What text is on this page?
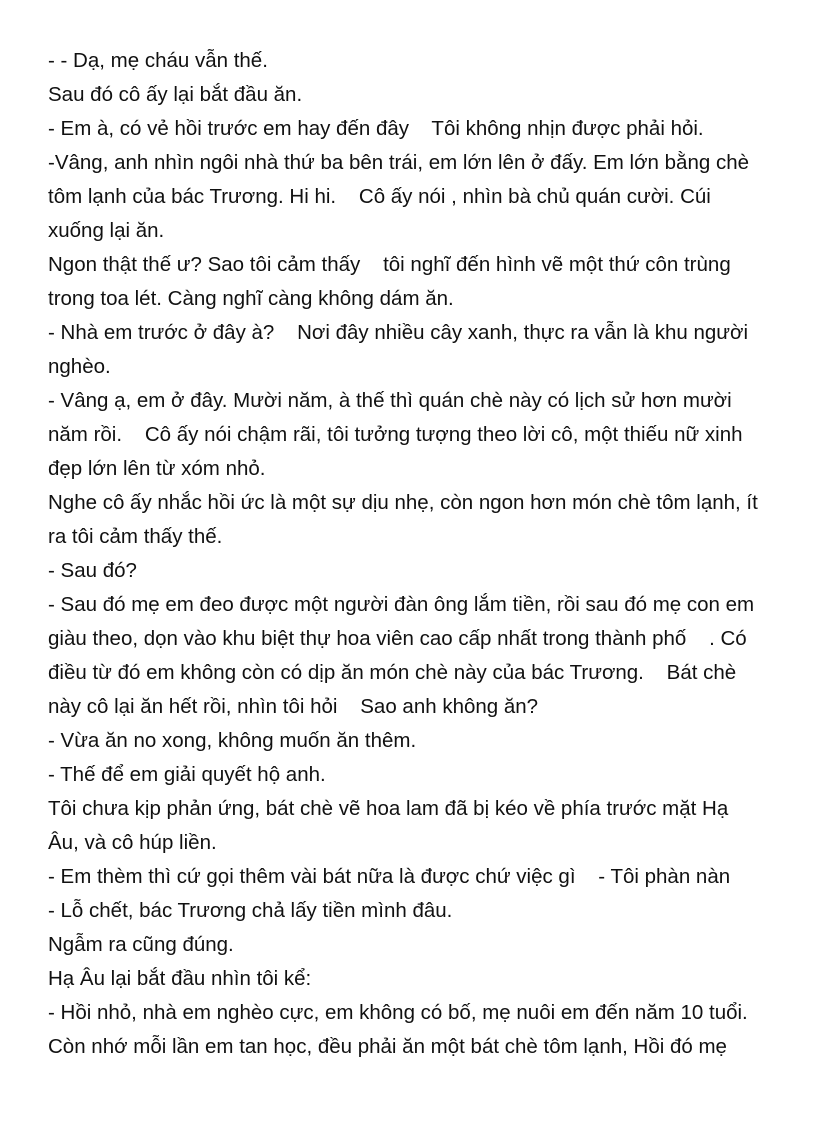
- - Dạ, mẹ cháu vẫn thế.

Sau đó cô ấy lại bắt đầu ăn.

- Em à, có vẻ hồi trước em hay đến đây    Tôi không nhịn được phải hỏi.

-Vâng, anh nhìn ngôi nhà thứ ba bên trái, em lớn lên ở đấy. Em lớn bằng chè

tôm lạnh của bác Trương. Hi hi.    Cô ấy nói , nhìn bà chủ quán cười. Cúi

xuống lại ăn.

Ngon thật thế ư? Sao tôi cảm thấy    tôi nghĩ đến hình vẽ một thứ côn trùng

trong toa lét. Càng nghĩ càng không dám ăn.

- Nhà em trước ở đây à?    Nơi đây nhiều cây xanh, thực ra vẫn là khu người

nghèo.

- Vâng ạ, em ở đây. Mười năm, à thế thì quán chè này có lịch sử hơn mười

năm rồi.    Cô ấy nói chậm rãi, tôi tưởng tượng theo lời cô, một thiếu nữ xinh

đẹp lớn lên từ xóm nhỏ.

Nghe cô ấy nhắc hồi ức là một sự dịu nhẹ, còn ngon hơn món chè tôm lạnh, ít

ra tôi cảm thấy thế.

- Sau đó?

- Sau đó mẹ em đeo được một người đàn ông lắm tiền, rồi sau đó mẹ con em

giàu theo, dọn vào khu biệt thự hoa viên cao cấp nhất trong thành phố    . Có

điều từ đó em không còn có dịp ăn món chè này của bác Trương.    Bát chè

này cô lại ăn hết rồi, nhìn tôi hỏi    Sao anh không ăn?

- Vừa ăn no xong, không muốn ăn thêm.

- Thế để em giải quyết hộ anh.

Tôi chưa kịp phản ứng, bát chè vẽ hoa lam đã bị kéo về phía trước mặt Hạ

Âu, và cô húp liền.

- Em thèm thì cứ gọi thêm vài bát nữa là được chứ việc gì    - Tôi phàn nàn

- Lỗ chết, bác Trương chả lấy tiền mình đâu.

Ngẫm ra cũng đúng.

Hạ Âu lại bắt đầu nhìn tôi kể:

- Hồi nhỏ, nhà em nghèo cực, em không có bố, mẹ nuôi em đến năm 10 tuổi.

Còn nhớ mỗi lần em tan học, đều phải ăn một bát chè tôm lạnh, Hồi đó mẹ
